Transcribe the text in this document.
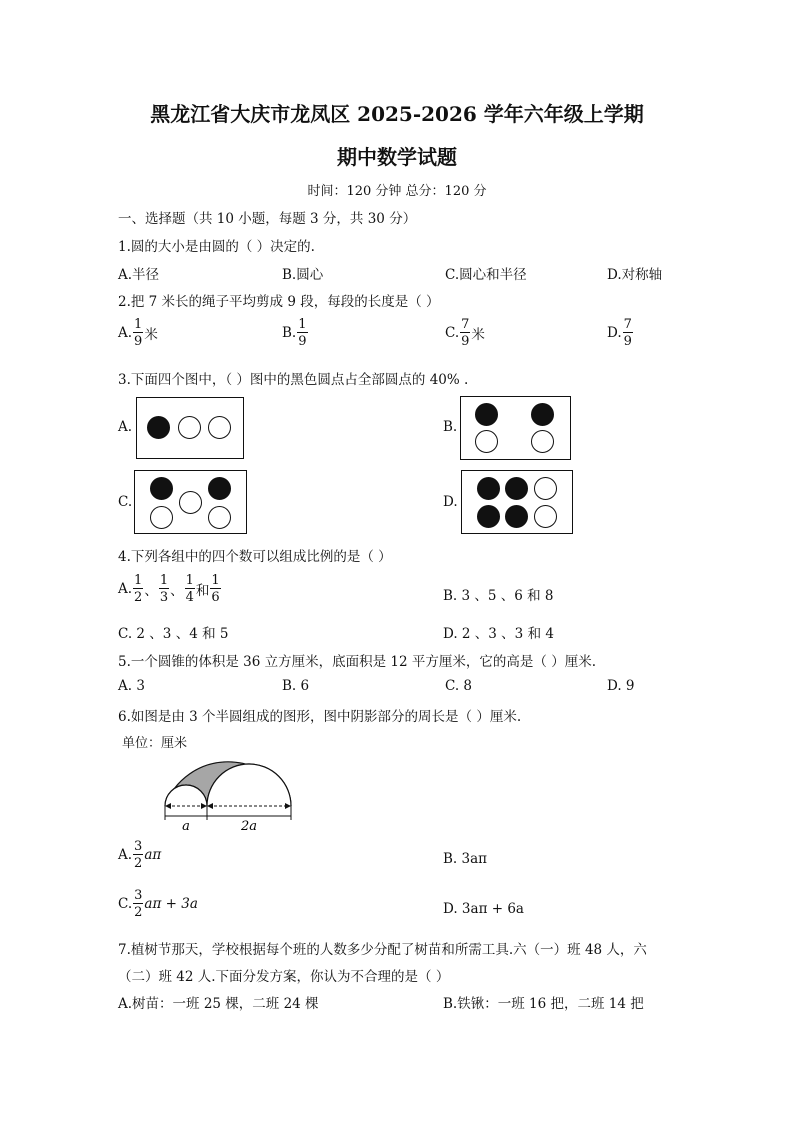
黑龙江省大庆市龙凤区 2025-2026 学年六年级上学期
期中数学试题
时间：120 分钟 总分：120 分
一、选择题（共 10 小题，每题 3 分，共 30 分）
1.圆的大小是由圆的（ ）决定的.
A.半径	B.圆心	C.圆心和半径	D.对称轴
2.把 7 米长的绳子平均剪成 9 段，每段的长度是（ ）
A. $\frac{1}{9}$ 米	B. $\frac{1}{9}$	C. $\frac{7}{9}$ 米	D. $\frac{7}{9}$
3.下面四个图中，（ ）图中的黑色圆点占全部圆点的 40% .
A.	B.
C.	D.
4.下列各组中的四个数可以组成比例的是（ ）
A. $\frac{1}{2}$ 、 $\frac{1}{3}$ 、 $\frac{1}{4}$ 和 $\frac{1}{6}$	B. 3 、5 、6 和 8
C. 2 、3 、4 和 5	D. 2 、3 、3 和 4
5.一个圆锥的体积是 36 立方厘米，底面积是 12 平方厘米，它的高是（ ）厘米.
A. 3	B. 6	C. 8	D. 9
6.如图是由 3 个半圆组成的图形，图中阴影部分的周长是（ ）厘米.
单位：厘米
a	2a
A. $\frac{3}{2}$ aπ	B. 3aπ
C. $\frac{3}{2}$ aπ + 3a	D. 3aπ + 6a
7.植树节那天，学校根据每个班的人数多少分配了树苗和所需工具.六（一）班 48 人，六
（二）班 42 人.下面分发方案，你认为不合理的是（ ）
A.树苗：一班 25 棵，二班 24 棵	B.铁锹：一班 16 把，二班 14 把
